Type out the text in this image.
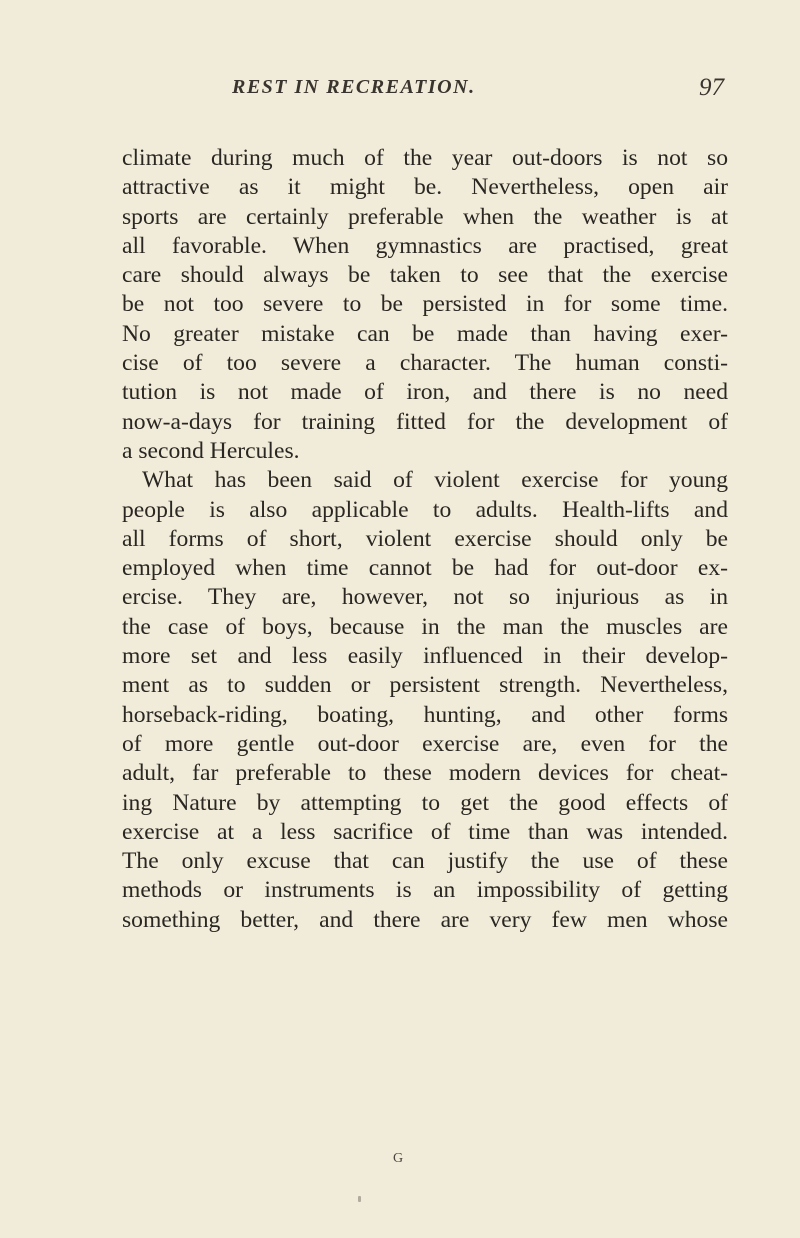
REST IN RECREATION.	97
climate during much of the year out-doors is not so
attractive as it might be. Nevertheless, open air
sports are certainly preferable when the weather is at
all favorable. When gymnastics are practised, great
care should always be taken to see that the exercise
be not too severe to be persisted in for some time.
No greater mistake can be made than having exer-
cise of too severe a character. The human consti-
tution is not made of iron, and there is no need
now-a-days for training fitted for the development of
a second Hercules.
What has been said of violent exercise for young
people is also applicable to adults. Health-lifts and
all forms of short, violent exercise should only be
employed when time cannot be had for out-door ex-
ercise. They are, however, not so injurious as in
the case of boys, because in the man the muscles are
more set and less easily influenced in their develop-
ment as to sudden or persistent strength. Nevertheless,
horseback-riding, boating, hunting, and other forms
of more gentle out-door exercise are, even for the
adult, far preferable to these modern devices for cheat-
ing Nature by attempting to get the good effects of
exercise at a less sacrifice of time than was intended.
The only excuse that can justify the use of these
methods or instruments is an impossibility of getting
something better, and there are very few men whose
G
